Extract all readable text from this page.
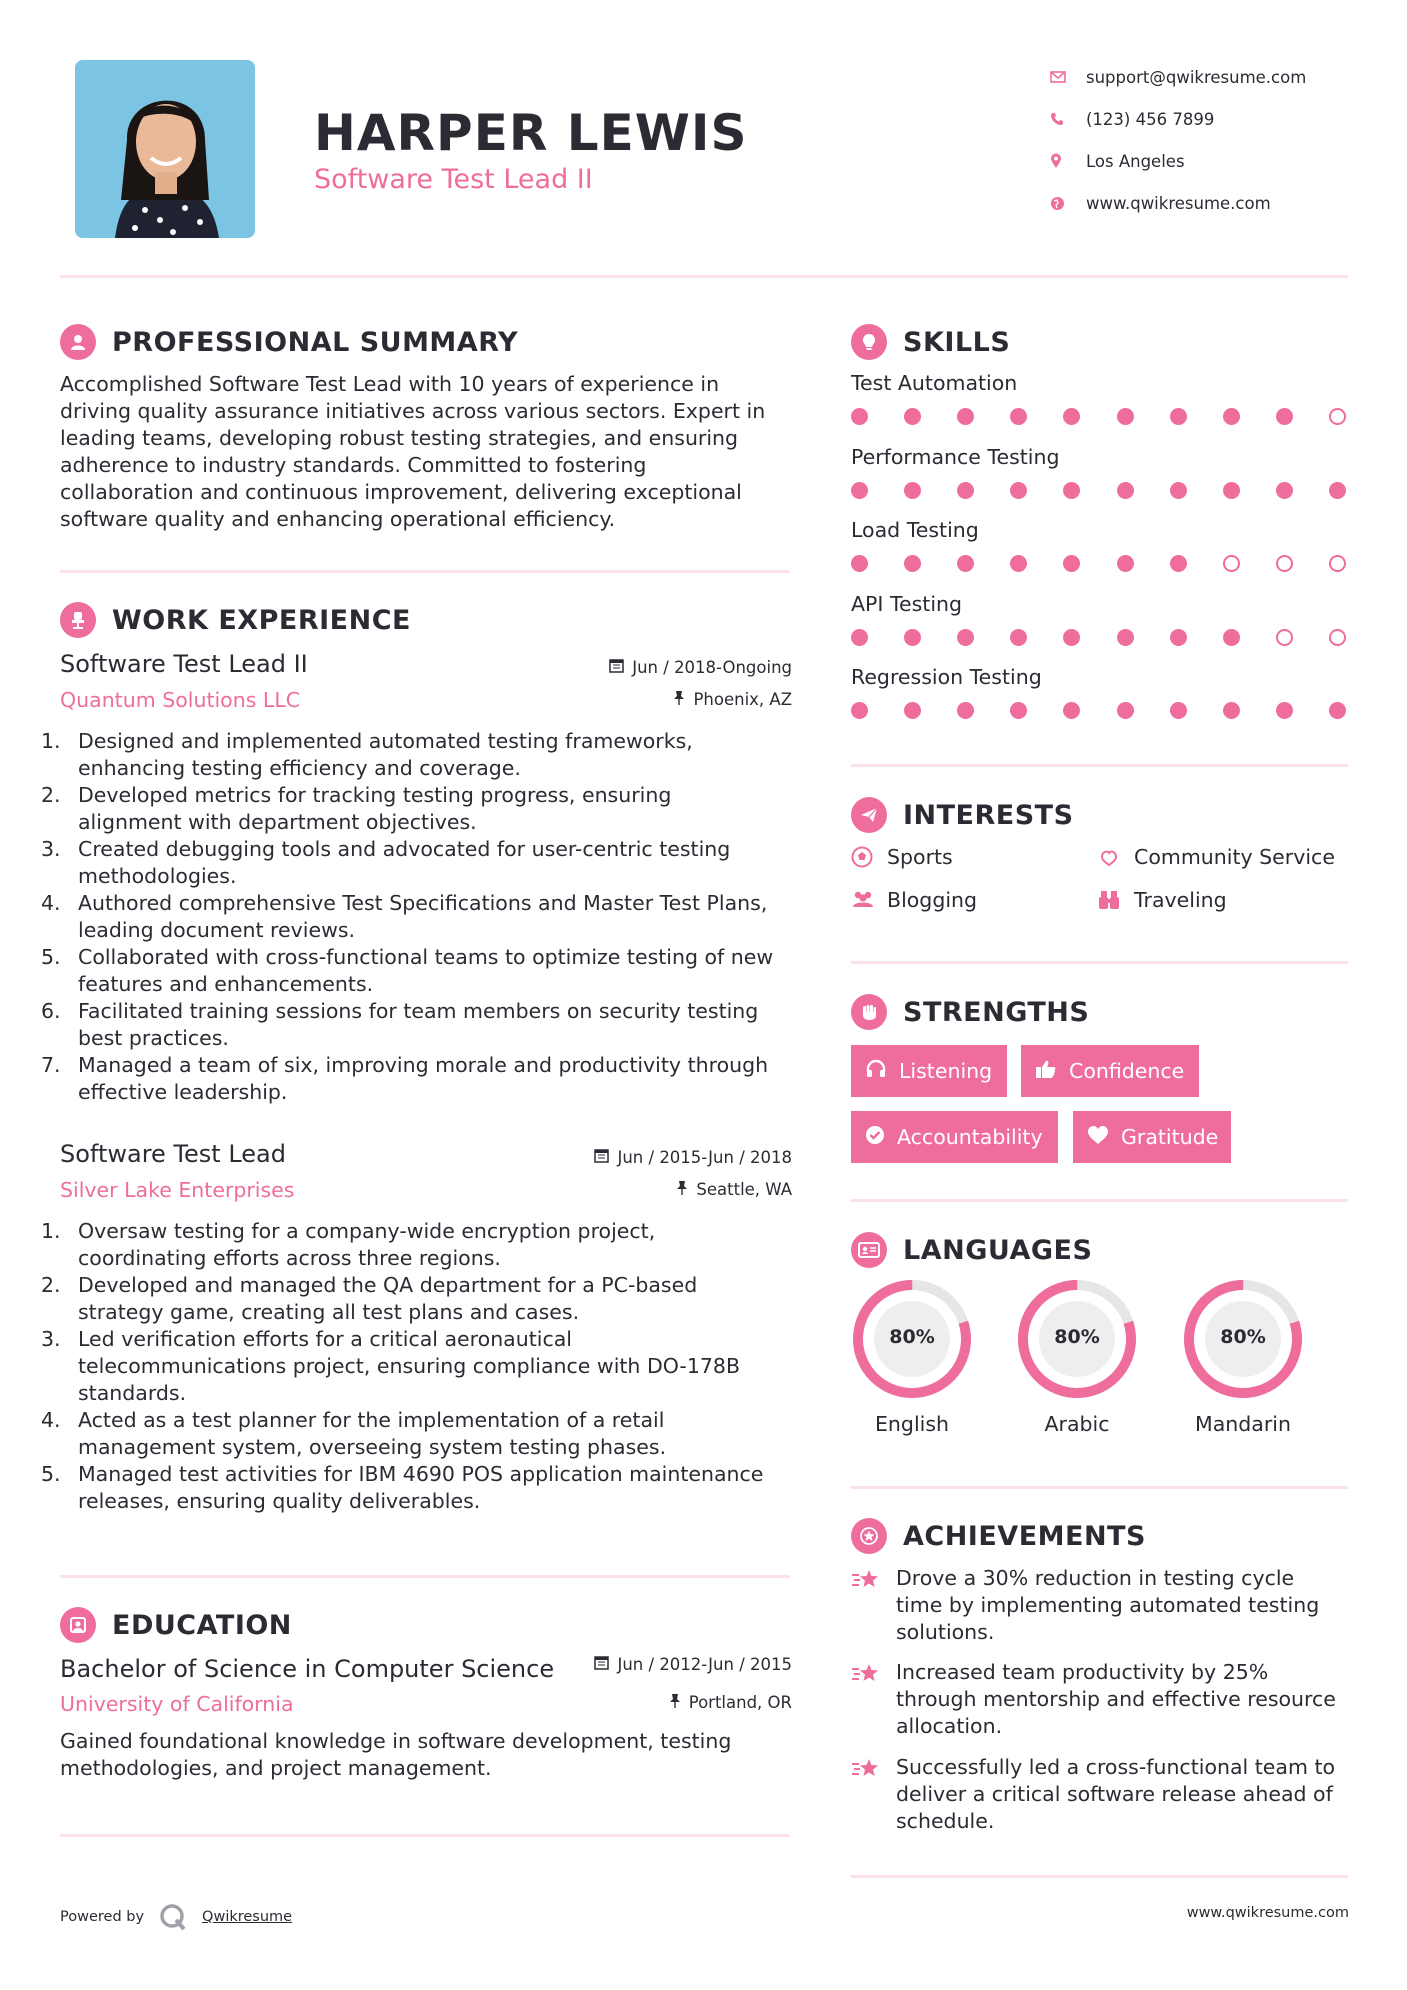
HARPER LEWIS
Software Test Lead II
support@qwikresume.com
(123) 456 7899
Los Angeles
www.qwikresume.com
PROFESSIONAL SUMMARY
Accomplished Software Test Lead with 10 years of experience in
driving quality assurance initiatives across various sectors. Expert in
leading teams, developing robust testing strategies, and ensuring
adherence to industry standards. Committed to fostering
collaboration and continuous improvement, delivering exceptional
software quality and enhancing operational efficiency.
WORK EXPERIENCE
Software Test Lead II	Jun / 2018-Ongoing
Quantum Solutions LLC	Phoenix, AZ
1. Designed and implemented automated testing frameworks,
enhancing testing efficiency and coverage.
2. Developed metrics for tracking testing progress, ensuring
alignment with department objectives.
3. Created debugging tools and advocated for user-centric testing
methodologies.
4. Authored comprehensive Test Specifications and Master Test Plans,
leading document reviews.
5. Collaborated with cross-functional teams to optimize testing of new
features and enhancements.
6. Facilitated training sessions for team members on security testing
best practices.
7. Managed a team of six, improving morale and productivity through
effective leadership.
Software Test Lead	Jun / 2015-Jun / 2018
Silver Lake Enterprises	Seattle, WA
1. Oversaw testing for a company-wide encryption project,
coordinating efforts across three regions.
2. Developed and managed the QA department for a PC-based
strategy game, creating all test plans and cases.
3. Led verification efforts for a critical aeronautical
telecommunications project, ensuring compliance with DO-178B
standards.
4. Acted as a test planner for the implementation of a retail
management system, overseeing system testing phases.
5. Managed test activities for IBM 4690 POS application maintenance
releases, ensuring quality deliverables.
EDUCATION
Bachelor of Science in Computer Science	Jun / 2012-Jun / 2015
University of California	Portland, OR
Gained foundational knowledge in software development, testing
methodologies, and project management.
SKILLS
Test Automation
Performance Testing
Load Testing
API Testing
Regression Testing
INTERESTS
Sports	Community Service
Blogging	Traveling
STRENGTHS
Listening	Confidence
Accountability	Gratitude
LANGUAGES
80%
English
80%
Arabic
80%
Mandarin
ACHIEVEMENTS
Drove a 30% reduction in testing cycle
time by implementing automated testing
solutions.
Increased team productivity by 25%
through mentorship and effective resource
allocation.
Successfully led a cross-functional team to
deliver a critical software release ahead of
schedule.
Powered by	Qwikresume	www.qwikresume.com
